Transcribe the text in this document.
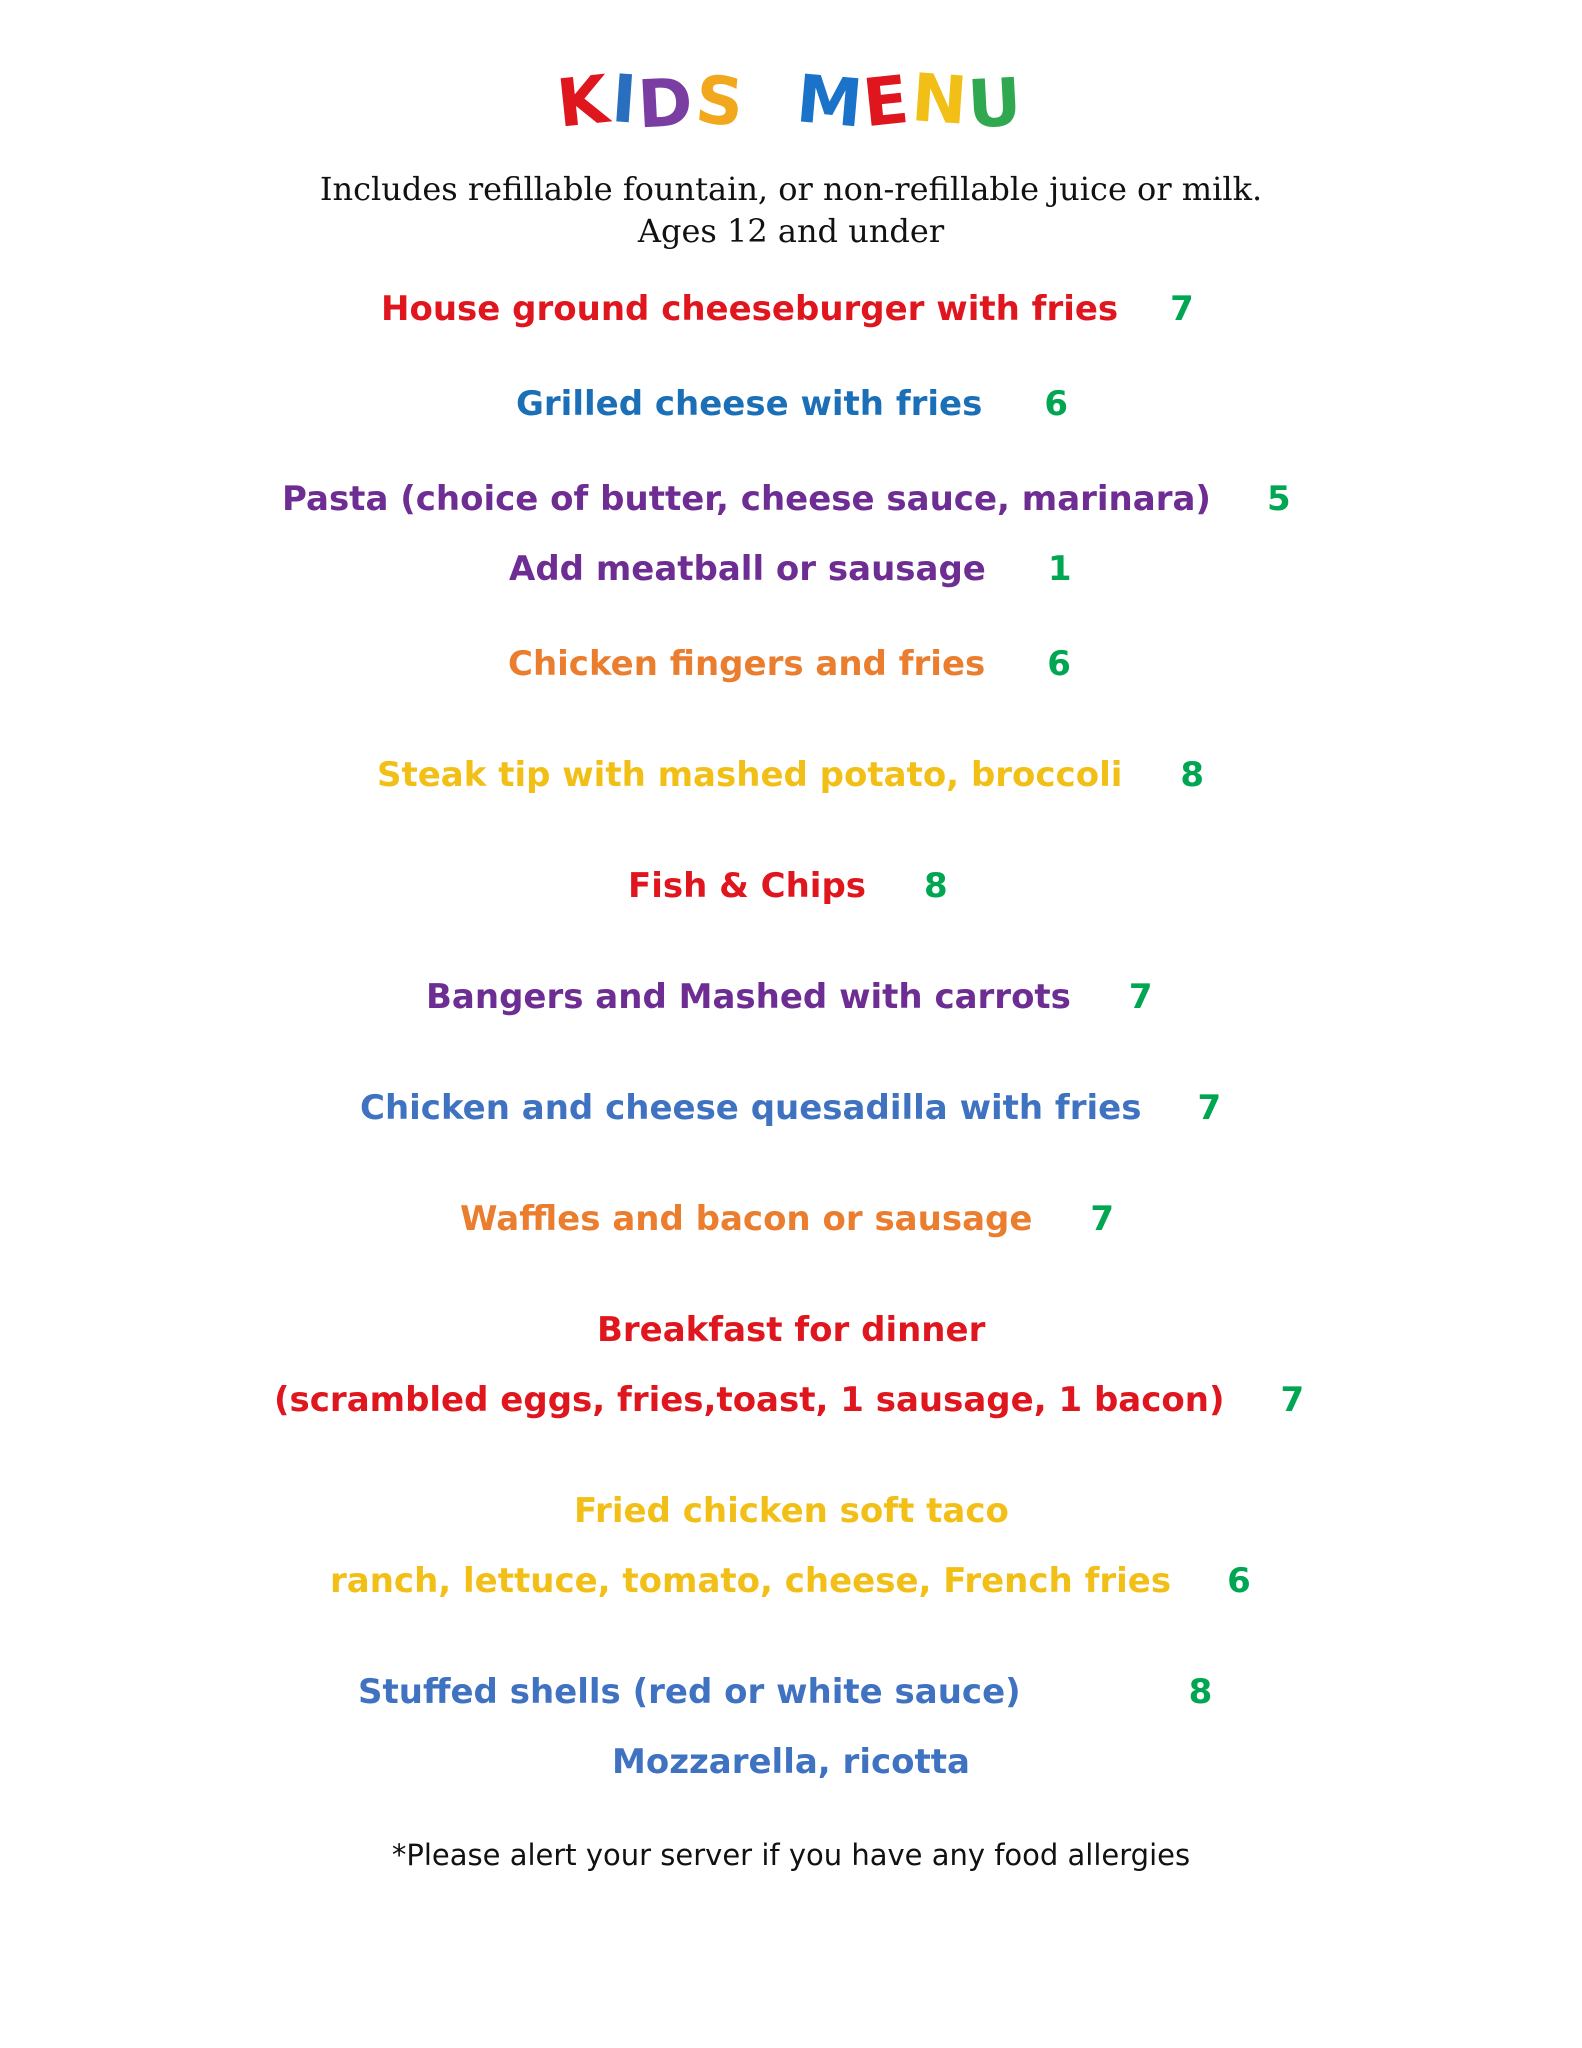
KIDS MENU
Includes refillable fountain, or non-refillable juice or milk.
Ages 12 and under
House ground cheeseburger with fries 7
Grilled cheese with fries 6
Pasta (choice of butter, cheese sauce, marinara) 5
Add meatball or sausage 1
Chicken fingers and fries 6
Steak tip with mashed potato, broccoli 8
Fish & Chips 8
Bangers and Mashed with carrots 7
Chicken and cheese quesadilla with fries 7
Waffles and bacon or sausage 7
Breakfast for dinner
(scrambled eggs, fries,toast, 1 sausage, 1 bacon) 7
Fried chicken soft taco
ranch, lettuce, tomato, cheese, French fries 6
Stuffed shells (red or white sauce)	8
Mozzarella, ricotta
*Please alert your server if you have any food allergies
